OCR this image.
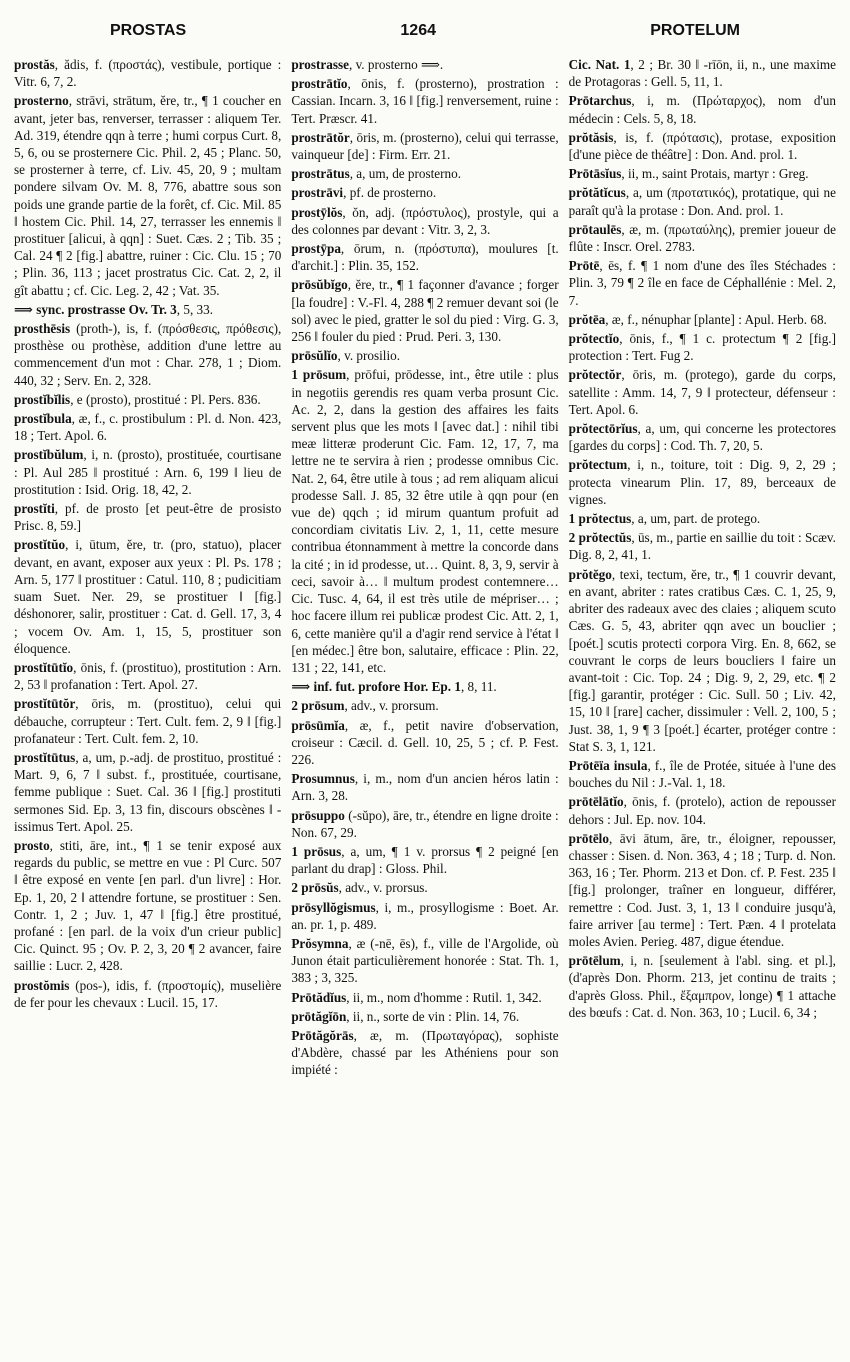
PROSTAS	1264	PROTELUM
prostăs, ădis, f. (προστάς), vestibule, portique : Vitr. 6, 7, 2.
prosterno, strāvi, strātum, ĕre, tr., ¶ 1 coucher en avant, jeter bas, renverser, terrasser : aliquem Ter. Ad. 319, étendre qqn à terre ; humi corpus Curt. 8, 5, 6, ou se prosternere Cic. Phil. 2, 45 ; Planc. 50, se prosterner à terre, cf. Liv. 45, 20, 9 ; multam ponderе silvam Ov. M. 8, 776, abattre sous son poids une grande partie de la forêt, cf. Cic. Mil. 85 ‖ hostem Cic. Phil. 14, 27, terrasser les ennemis ‖ prostituer [alicui, à qqn] : Suet. Cæs. 2 ; Tib. 35 ; Cal. 24 ¶ 2 [fig.] abattre, ruiner : Cic. Clu. 15 ; 70 ; Plin. 36, 113 ; jacet prostratus Cic. Cat. 2, 2, il gît abattu ; cf. Cic. Leg. 2, 42 ; Vat. 35.
⟹ sync. prostrasse Ov. Tr. 3, 5, 33.
prosthēsis (proth-), is, f. (πρόσθεσις, πρόθεσις), prosthèse ou prothèse, addition d'une lettre au commencement d'un mot : Char. 278, 1 ; Diom. 440, 32 ; Serv. En. 2, 328.
prostĭbĭlis, e (prosto), prostitué : Pl. Pers. 836.
prostĭbula, æ, f., c. prostibulum : Pl. d. Non. 423, 18 ; Tert. Apol. 6.
prostĭbŭlum, i, n. (prosto), prostituée, courtisane : Pl. Aul 285 ‖ prostitué : Arn. 6, 199 ‖ lieu de prostitution : Isid. Orig. 18, 42, 2.
prostĭti, pf. de prosto [et peut-être de prosisto Prisc. 8, 59.]
prostĭtŭo, i, ūtum, ĕre, tr. (pro, statuo), placer devant, en avant, exposer aux yeux : Pl. Ps. 178 ; Arn. 5, 177 ‖ prostituer : Catul. 110, 8 ; pudicitiam suam Suet. Ner. 29, se prostituer ‖ [fig.] déshonorer, salir, prostituer : Cat. d. Gell. 17, 3, 4 ; vocem Ov. Am. 1, 15, 5, prostituer son éloquence.
prostĭtūtĭo, ōnis, f. (prostituo), prostitution : Arn. 2, 53 ‖ profanation : Tert. Apol. 27.
prostĭtūtŏr, ōris, m. (prostituo), celui qui débauche, corrupteur : Tert. Cult. fem. 2, 9 ‖ [fig.] profanateur : Tert. Cult. fem. 2, 10.
prostĭtūtus, a, um, p.-adj. de prostituo, prostitué : Mart. 9, 6, 7 ‖ subst. f., prostituée, courtisane, femme publique : Suet. Cal. 36 ‖ [fig.] prostituti sermones Sid. Ep. 3, 13 fin, discours obscènes ‖ -issimus Tert. Apol. 25.
prosto, stiti, āre, int., ¶ 1 se tenir exposé aux regards du public, se mettre en vue : Pl Curc. 507 ‖ être exposé en vente [en parl. d'un livre] : Hor. Ep. 1, 20, 2 ‖ attendre fortune, se prostituer : Sen. Contr. 1, 2 ; Juv. 1, 47 ‖ [fig.] être prostitué, profané : [en parl. de la voix d'un crieur public] Cic. Quinct. 95 ; Ov. P. 2, 3, 20 ¶ 2 avancer, faire saillie : Lucr. 2, 428.
prostŏmis (pos-), idis, f. (προστομίς), muselière de fer pour les chevaux : Lucil. 15, 17.
prostrasse, v. prosterno ⟹.
prostrātĭo, ōnis, f. (prosterno), prostration : Cassian. Incarn. 3, 16 ‖ [fig.] renversement, ruine : Tert. Præscr. 41.
prostrātŏr, ōris, m. (prosterno), celui qui terrasse, vainqueur [de] : Firm. Err. 21.
prostrātus, a, um, de prosterno.
prostrāvi, pf. de prosterno.
prostȳlŏs, ŏn, adj. (πρόστυλος), prostyle, qui a des colonnes par devant : Vitr. 3, 2, 3.
prostȳpa, ōrum, n. (πρόστυπα), moulures [t. d'archit.] : Plin. 35, 152.
prōsŭbĭgo, ĕre, tr., ¶ 1 façonner d'avance ; forger [la foudre] : V.-Fl. 4, 288 ¶ 2 remuer devant soi (le sol) avec le pied, gratter le sol du pied : Virg. G. 3, 256 ‖ fouler du pied : Prud. Peri. 3, 130.
prōsŭlĭo, v. prosilio.
1 prōsum, prōfui, prōdesse, int., être utile : plus in negotiis gerendis res quam verba prosunt Cic. Ac. 2, 2, dans la gestion des affaires les faits servent plus que les mots ‖ [avec dat.] : nihil tibi meæ litteræ proderunt Cic. Fam. 12, 17, 7, ma lettre ne te servira à rien ; prodesse omnibus Cic. Nat. 2, 64, être utile à tous ; ad rem aliquam alicui prodesse Sall. J. 85, 32 être utile à qqn pour (en vue de) qqch ; id mirum quantum profuit ad concordiam civitatis Liv. 2, 1, 11, cette mesure contribua étonnamment à mettre la concorde dans la cité ; in id prodesse, ut… Quint. 8, 3, 9, servir à ceci, savoir à… ‖ multum prodest contemnere… Cic. Tusc. 4, 64, il est très utile de mépriser… ; hoc facere illum rei publicæ prodest Cic. Att. 2, 1, 6, cette manière qu'il a d'agir rend service à l'état ‖ [en médec.] être bon, salutaire, efficace : Plin. 22, 131 ; 22, 141, etc.
⟹ inf. fut. profore Hor. Ep. 1, 8, 11.
2 prōsum, adv., v. prorsum.
prōsūmĭa, æ, f., petit navire d'observation, croiseur : Cæcil. d. Gell. 10, 25, 5 ; cf. P. Fest. 226.
Prosumnus, i, m., nom d'un ancien héros latin : Arn. 3, 28.
prōsuppo (-sŭpo), āre, tr., étendre en ligne droite : Non. 67, 29.
1 prōsus, a, um, ¶ 1 v. prorsus ¶ 2 peigné [en parlant du drap] : Gloss. Phil.
2 prōsŭs, adv., v. prorsus.
prōsyllŏgismus, i, m., prosyllogisme : Boet. Ar. an. pr. 1, p. 489.
Prŏsymna, æ (-nē, ēs), f., ville de l'Argolide, où Junon était particulièrement honorée : Stat. Th. 1, 383 ; 3, 325.
Prōtădĭus, ii, m., nom d'homme : Rutil. 1, 342.
prōtăgĭōn, ii, n., sorte de vin : Plin. 14, 76.
Prōtăgŏrās, æ, m. (Πρωταγόρας), sophiste d'Abdère, chassé par les Athéniens pour son impiété :
Cic. Nat. 1, 2 ; Br. 30 ‖ -rīōn, ii, n., une maxime de Protagoras : Gell. 5, 11, 1.
Prōtarchus, i, m. (Πρώταρχος), nom d'un médecin : Cels. 5, 8, 18.
prŏtăsis, is, f. (πρότασις), protase, exposition [d'une pièce de théâtre] : Don. And. prol. 1.
Prōtāsĭus, ii, m., saint Protais, martyr : Greg.
prŏtătĭcus, a, um (προτατικός), protatique, qui ne paraît qu'à la protase : Don. And. prol. 1.
prōtaulēs, æ, m. (πρωταύλης), premier joueur de flûte : Inscr. Orel. 2783.
Prōtē, ēs, f. ¶ 1 nom d'une des îles Stéchades : Plin. 3, 79 ¶ 2 île en face de Céphallénie : Mel. 2, 7.
prŏtēa, æ, f., nénuphar [plante] : Apul. Herb. 68.
prŏtectĭo, ōnis, f., ¶ 1 c. protectum ¶ 2 [fig.] protection : Tert. Fug 2.
prŏtectŏr, ōris, m. (protego), garde du corps, satellite : Amm. 14, 7, 9 ‖ protecteur, défenseur : Tert. Apol. 6.
prŏtectōrĭus, a, um, qui concerne les protectores [gardes du corps] : Cod. Th. 7, 20, 5.
prŏtectum, i, n., toiture, toit : Dig. 9, 2, 29 ; protecta vinearum Plin. 17, 89, berceaux de vignes.
1 prŏtectus, a, um, part. de protego.
2 prŏtectŭs, ūs, m., partie en saillie du toit : Scæv. Dig. 8, 2, 41, 1.
prŏtĕgo, texi, tectum, ĕre, tr., ¶ 1 couvrir devant, en avant, abriter : rates cratibus Cæs. C. 1, 25, 9, abriter des radeaux avec des claies ; aliquem scuto Cæs. G. 5, 43, abriter qqn avec un bouclier ; [poét.] scutis protecti corpora Virg. En. 8, 662, se couvrant le corps de leurs boucliers ‖ faire un avant-toit : Cic. Top. 24 ; Dig. 9, 2, 29, etc. ¶ 2 [fig.] garantir, protéger : Cic. Sull. 50 ; Liv. 42, 15, 10 ‖ [rare] cacher, dissimuler : Vell. 2, 100, 5 ; Just. 38, 1, 9 ¶ 3 [poét.] écarter, protéger contre : Stat S. 3, 1, 121.
Prōtēïa insula, f., île de Protée, située à l'une des bouches du Nil : J.-Val. 1, 18.
prōtēlātĭo, ōnis, f. (protelo), action de repousser dehors : Jul. Ep. nov. 104.
prōtēlo, āvi ātum, āre, tr., éloigner, repousser, chasser : Sisen. d. Non. 363, 4 ; 18 ; Turp. d. Non. 363, 16 ; Ter. Phorm. 213 et Don. cf. P. Fest. 235 ‖ [fig.] prolonger, traîner en longueur, différer, remettre : Cod. Just. 3, 1, 13 ‖ conduire jusqu'à, faire arriver [au terme] : Tert. Pæn. 4 ‖ protelata moles Avien. Perieg. 487, digue étendue.
prōtēlum, i, n. [seulement à l'abl. sing. et pl.], (d'après Don. Phorm. 213, jet continu de traits ; d'après Gloss. Phil., ἔξαμπρον, longe) ¶ 1 attache des bœufs : Cat. d. Non. 363, 10 ; Lucil. 6, 34 ;
